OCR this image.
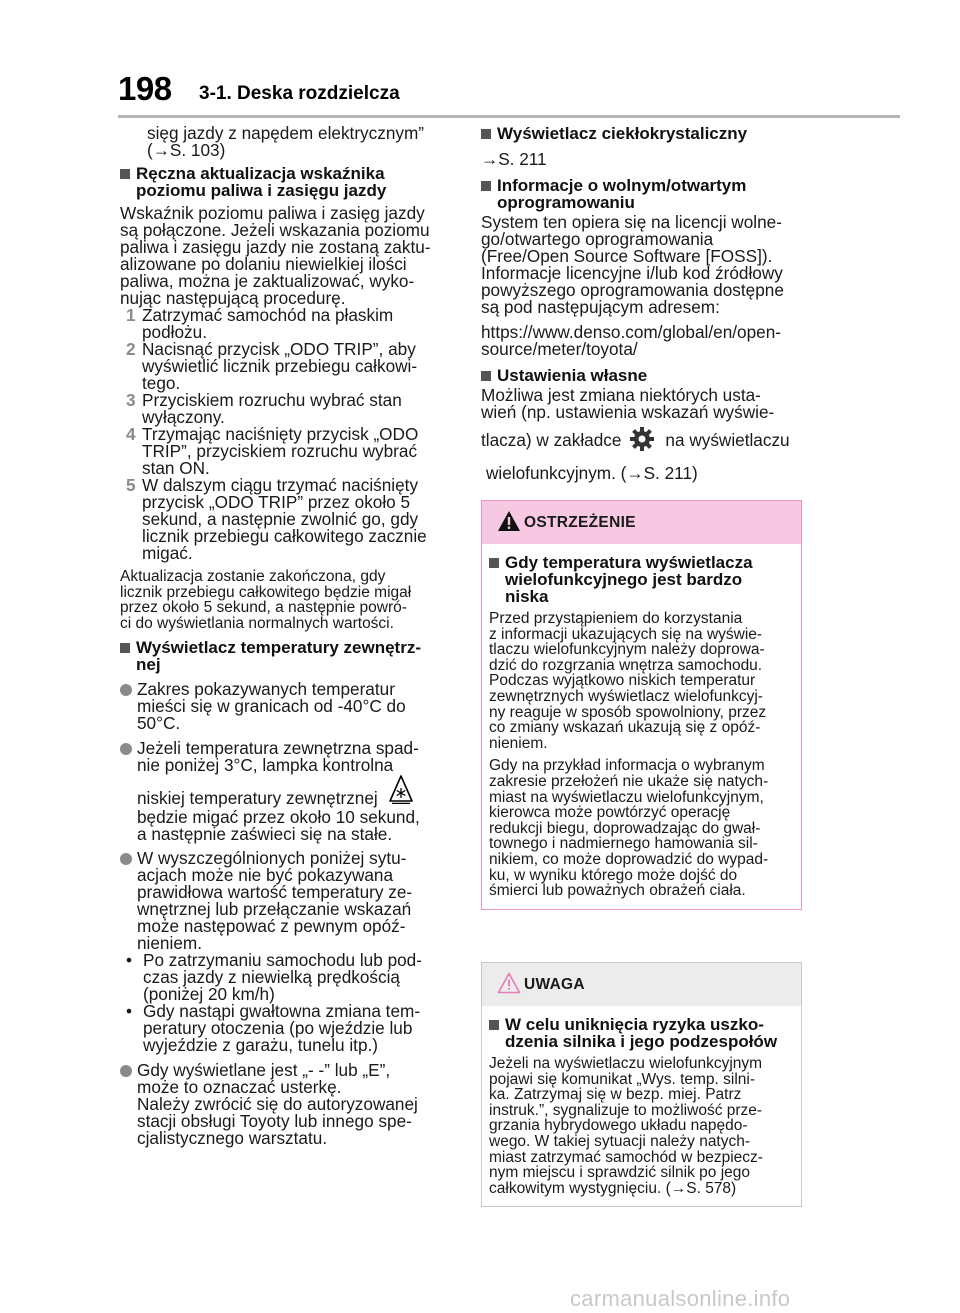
198 3-1. Deska rozdzielcza

sięg jazdy z napędem elektrycznym”

(→S. 103)

Ręczna aktualizacja wskaźnika
poziomu paliwa i zasięgu jazdy

Wskaźnik poziomu paliwa i zasięg jazdy

są połączone. Jeżeli wskazania poziomu

paliwa i zasięgu jazdy nie zostaną zaktu-

alizowane po dolaniu niewielkiej ilości

paliwa, można je zaktualizować, wyko-

nując następującą procedurę.

1 Zatrzymać samochód na płaskim
podłożu.
2 Nacisnąć przycisk „ODO TRIP”, aby
wyświetlić licznik przebiegu całkowi-
tego.
3 Przyciskiem rozruchu wybrać stan
wyłączony.
4 Trzymając naciśnięty przycisk „ODO
TRIP”, przyciskiem rozruchu wybrać
stan ON.
5 W dalszym ciągu trzymać naciśnięty
przycisk „ODO TRIP” przez około 5
sekund, a następnie zwolnić go, gdy
licznik przebiegu całkowitego zacznie
migać.

Aktualizacja zostanie zakończona, gdy

licznik przebiegu całkowitego będzie migał

przez około 5 sekund, a następnie powró-

ci do wyświetlania normalnych wartości.

Wyświetlacz temperatury zewnętrz-
nej
Zakres pokazywanych temperatur
mieści się w granicach od -40°C do
50°C.
Jeżeli temperatura zewnętrzna spad-
nie poniżej 3°C, lampka kontrolna
niskiej temperatury zewnętrznej
będzie migać przez około 10 sekund,
a następnie zaświeci się na stałe.
W wyszczególnionych poniżej sytu-
acjach może nie być pokazywana
prawidłowa wartość temperatury ze-
wnętrznej lub przełączanie wskazań
może następować z pewnym opóź-
nieniem.
• Po zatrzymaniu samochodu lub pod-
czas jazdy z niewielką prędkością
(poniżej 20 km/h)
• Gdy nastąpi gwałtowna zmiana tem-
peratury otoczenia (po wjeździe lub
wyjeździe z garażu, tunelu itp.)
Gdy wyświetlane jest „- -” lub „E”,
może to oznaczać usterkę.
Należy zwrócić się do autoryzowanej
stacji obsługi Toyoty lub innego spe-
cjalistycznego warsztatu.
Wyświetlacz ciekłokrystaliczny

→S. 211

Informacje o wolnym/otwartym
oprogramowaniu

System ten opiera się na licencji wolne-

go/otwartego oprogramowania

(Free/Open Source Software [FOSS]).

Informacje licencyjne i/lub kod źródłowy

powyższego oprogramowania dostępne

są pod następującym adresem:

https://www.denso.com/global/en/open-

source/meter/toyota/

Ustawienia własne

Możliwa jest zmiana niektórych usta-

wień (np. ustawienia wskazań wyświe-

tlacza) w zakładce	na wyświetlaczu

wielofunkcyjnym. (→S. 211)

OSTRZEŻENIE
Gdy temperatura wyświetlacza
wielofunkcyjnego jest bardzo
niska

Przed przystąpieniem do korzystania

z informacji ukazujących się na wyświe-

tlaczu wielofunkcyjnym należy doprowa-

dzić do rozgrzania wnętrza samochodu.

Podczas wyjątkowo niskich temperatur

zewnętrznych wyświetlacz wielofunkcyj-

ny reaguje w sposób spowolniony, przez

co zmiany wskazań ukazują się z opóź-

nieniem.

Gdy na przykład informacja o wybranym

zakresie przełożeń nie ukaże się natych-

miast na wyświetlaczu wielofunkcyjnym,

kierowca może powtórzyć operację

redukcji biegu, doprowadzając do gwał-

townego i nadmiernego hamowania sil-

nikiem, co może doprowadzić do wypad-

ku, w wyniku którego może dojść do

śmierci lub poważnych obrażeń ciała.

UWAGA
W celu uniknięcia ryzyka uszko-
dzenia silnika i jego podzespołów

Jeżeli na wyświetlaczu wielofunkcyjnym

pojawi się komunikat „Wys. temp. silni-

ka. Zatrzymaj się w bezp. miej. Patrz

instruk.”, sygnalizuje to możliwość prze-

grzania hybrydowego układu napędo-

wego. W takiej sytuacji należy natych-

miast zatrzymać samochód w bezpiecz-

nym miejscu i sprawdzić silnik po jego

całkowitym wystygnięciu. (→S. 578)

carmanualsonline.info
